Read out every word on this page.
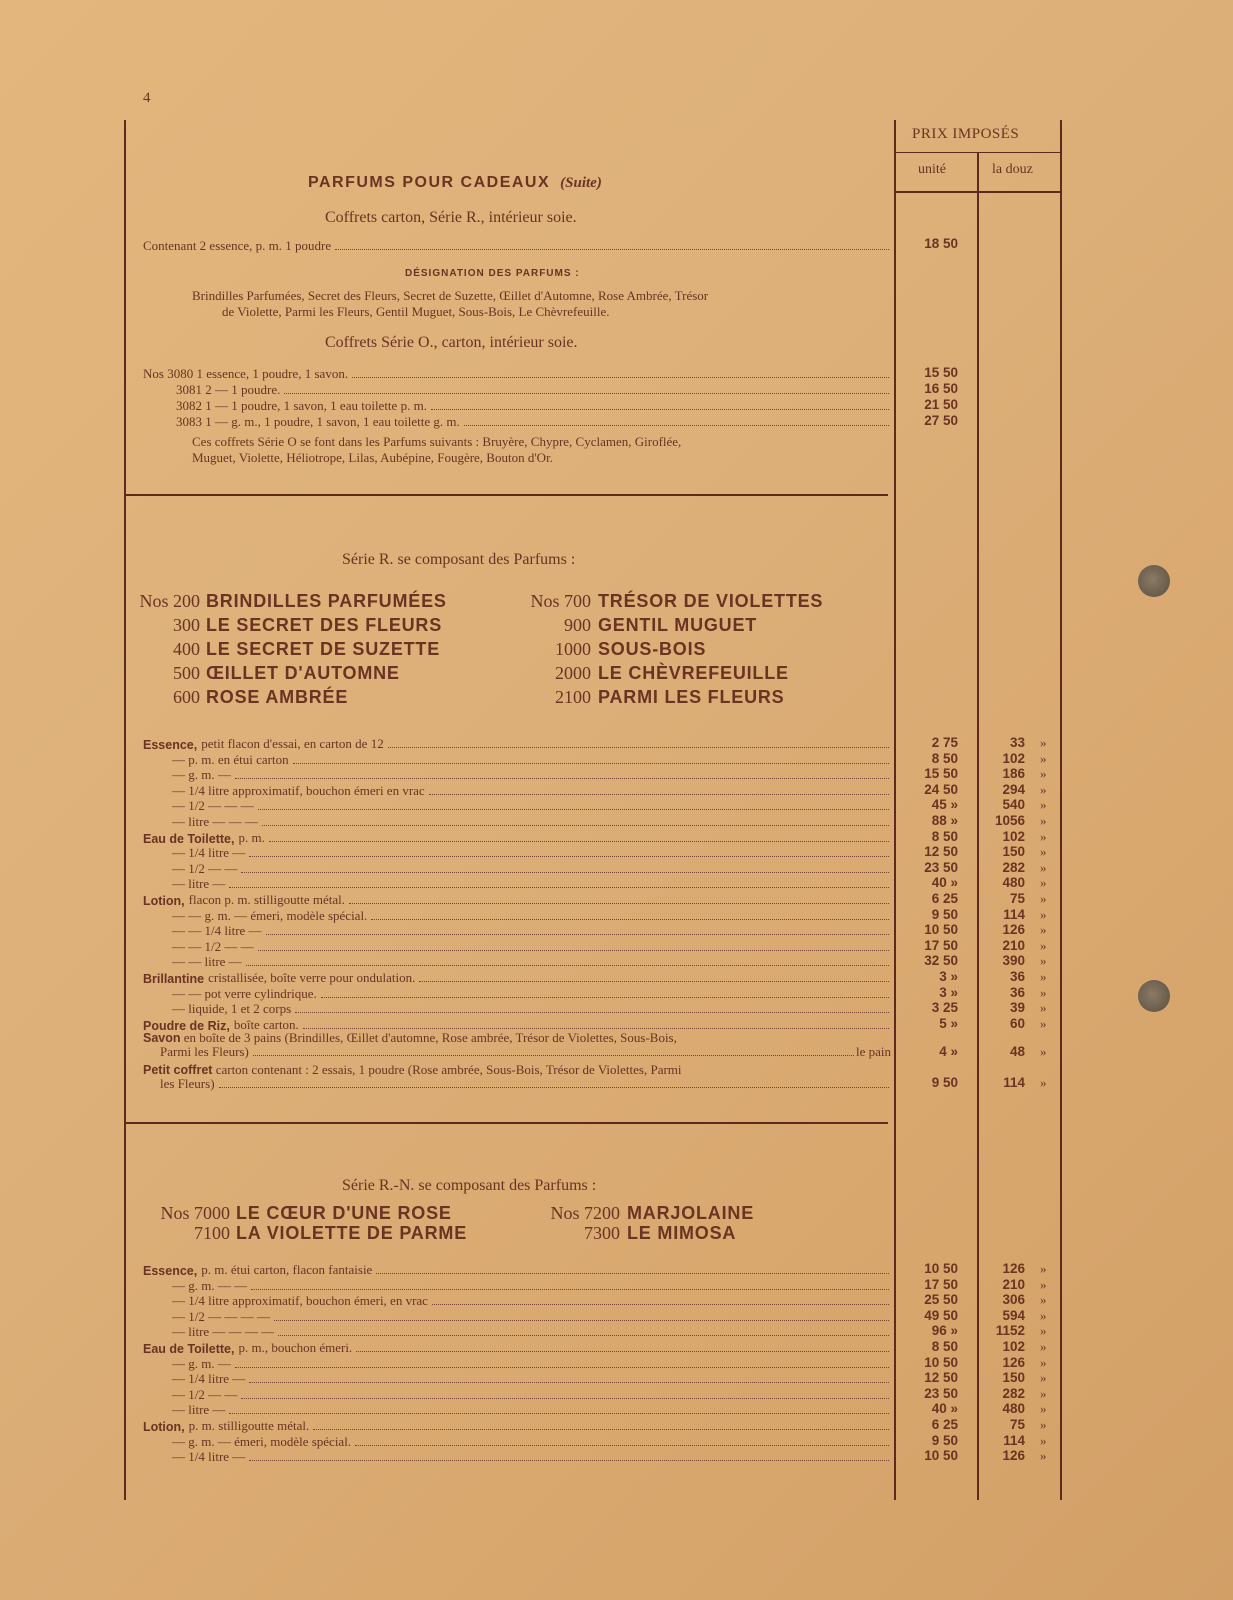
4
PRIX IMPOSÉS
unité	la douz
PARFUMS POUR CADEAUX (Suite)
Coffrets carton, Série R., intérieur soie.
Contenant 2 essence, p. m. 1 poudre	18 50
DÉSIGNATION DES PARFUMS :
Brindilles Parfumées, Secret des Fleurs, Secret de Suzette, Œillet d'Automne, Rose Ambrée, Trésor
de Violette, Parmi les Fleurs, Gentil Muguet, Sous-Bois, Le Chèvrefeuille.
Coffrets Série O., carton, intérieur soie.
Nos 3080 1 essence, 1 poudre, 1 savon.	15 50
3081 2 — 1 poudre.	16 50
3082 1 — 1 poudre, 1 savon, 1 eau toilette p. m.	21 50
3083 1 — g. m., 1 poudre, 1 savon, 1 eau toilette g. m.	27 50
Ces coffrets Série O se font dans les Parfums suivants : Bruyère, Chypre, Cyclamen, Giroflée,
Muguet, Violette, Héliotrope, Lilas, Aubépine, Fougère, Bouton d'Or.
Série R. se composant des Parfums :
Nos 200 BRINDILLES PARFUMÉES
300 LE SECRET DES FLEURS
400 LE SECRET DE SUZETTE
500 ŒILLET D'AUTOMNE
600 ROSE AMBRÉE
Nos 700 TRÉSOR DE VIOLETTES
900 GENTIL MUGUET
1000 SOUS-BOIS
2000 LE CHÈVREFEUILLE
2100 PARMI LES FLEURS
Essence, petit flacon d'essai, en carton de 12	2 75	33 »
— p. m. en étui carton	8 50	102 »
— g. m. —	15 50	186 »
— 1/4 litre approximatif, bouchon émeri en vrac	24 50	294 »
— 1/2 — — —	45 »	540 »
— litre — — —	88 »	1056 »
Eau de Toilette, p. m.	8 50	102 »
— 1/4 litre —	12 50	150 »
— 1/2 — —	23 50	282 »
— litre —	40 »	480 »
Lotion, flacon p. m. stilligoutte métal.	6 25	75 »
— — g. m. — émeri, modèle spécial.	9 50	114 »
— — 1/4 litre —	10 50	126 »
— — 1/2 — —	17 50	210 »
— — litre —	32 50	390 »
Brillantine cristallisée, boîte verre pour ondulation.	3 »	36 »
— — pot verre cylindrique.	3 »	36 »
— liquide, 1 et 2 corps	3 25	39 »
Poudre de Riz, boîte carton.	5 »	60 »
Savon en boîte de 3 pains (Brindilles, Œillet d'automne, Rose ambrée, Trésor de Violettes, Sous-Bois,
Parmi les Fleurs)	le pain	4 »	48 »
Petit coffret carton contenant : 2 essais, 1 poudre (Rose ambrée, Sous-Bois, Trésor de Violettes, Parmi
les Fleurs)	9 50	114 »
Série R.-N. se composant des Parfums :
Nos 7000 LE CŒUR D'UNE ROSE
7100 LA VIOLETTE DE PARME
Nos 7200 MARJOLAINE
7300 LE MIMOSA
Essence, p. m. étui carton, flacon fantaisie	10 50	126 »
— g. m. — —	17 50	210 »
— 1/4 litre approximatif, bouchon émeri, en vrac	25 50	306 »
— 1/2 — — — —	49 50	594 »
— litre — — — —	96 »	1152 »
Eau de Toilette, p. m., bouchon émeri.	8 50	102 »
— g. m. —	10 50	126 »
— 1/4 litre —	12 50	150 »
— 1/2 — —	23 50	282 »
— litre —	40 »	480 »
Lotion, p. m. stilligoutte métal.	6 25	75 »
— g. m. — émeri, modèle spécial.	9 50	114 »
— 1/4 litre —	10 50	126 »
